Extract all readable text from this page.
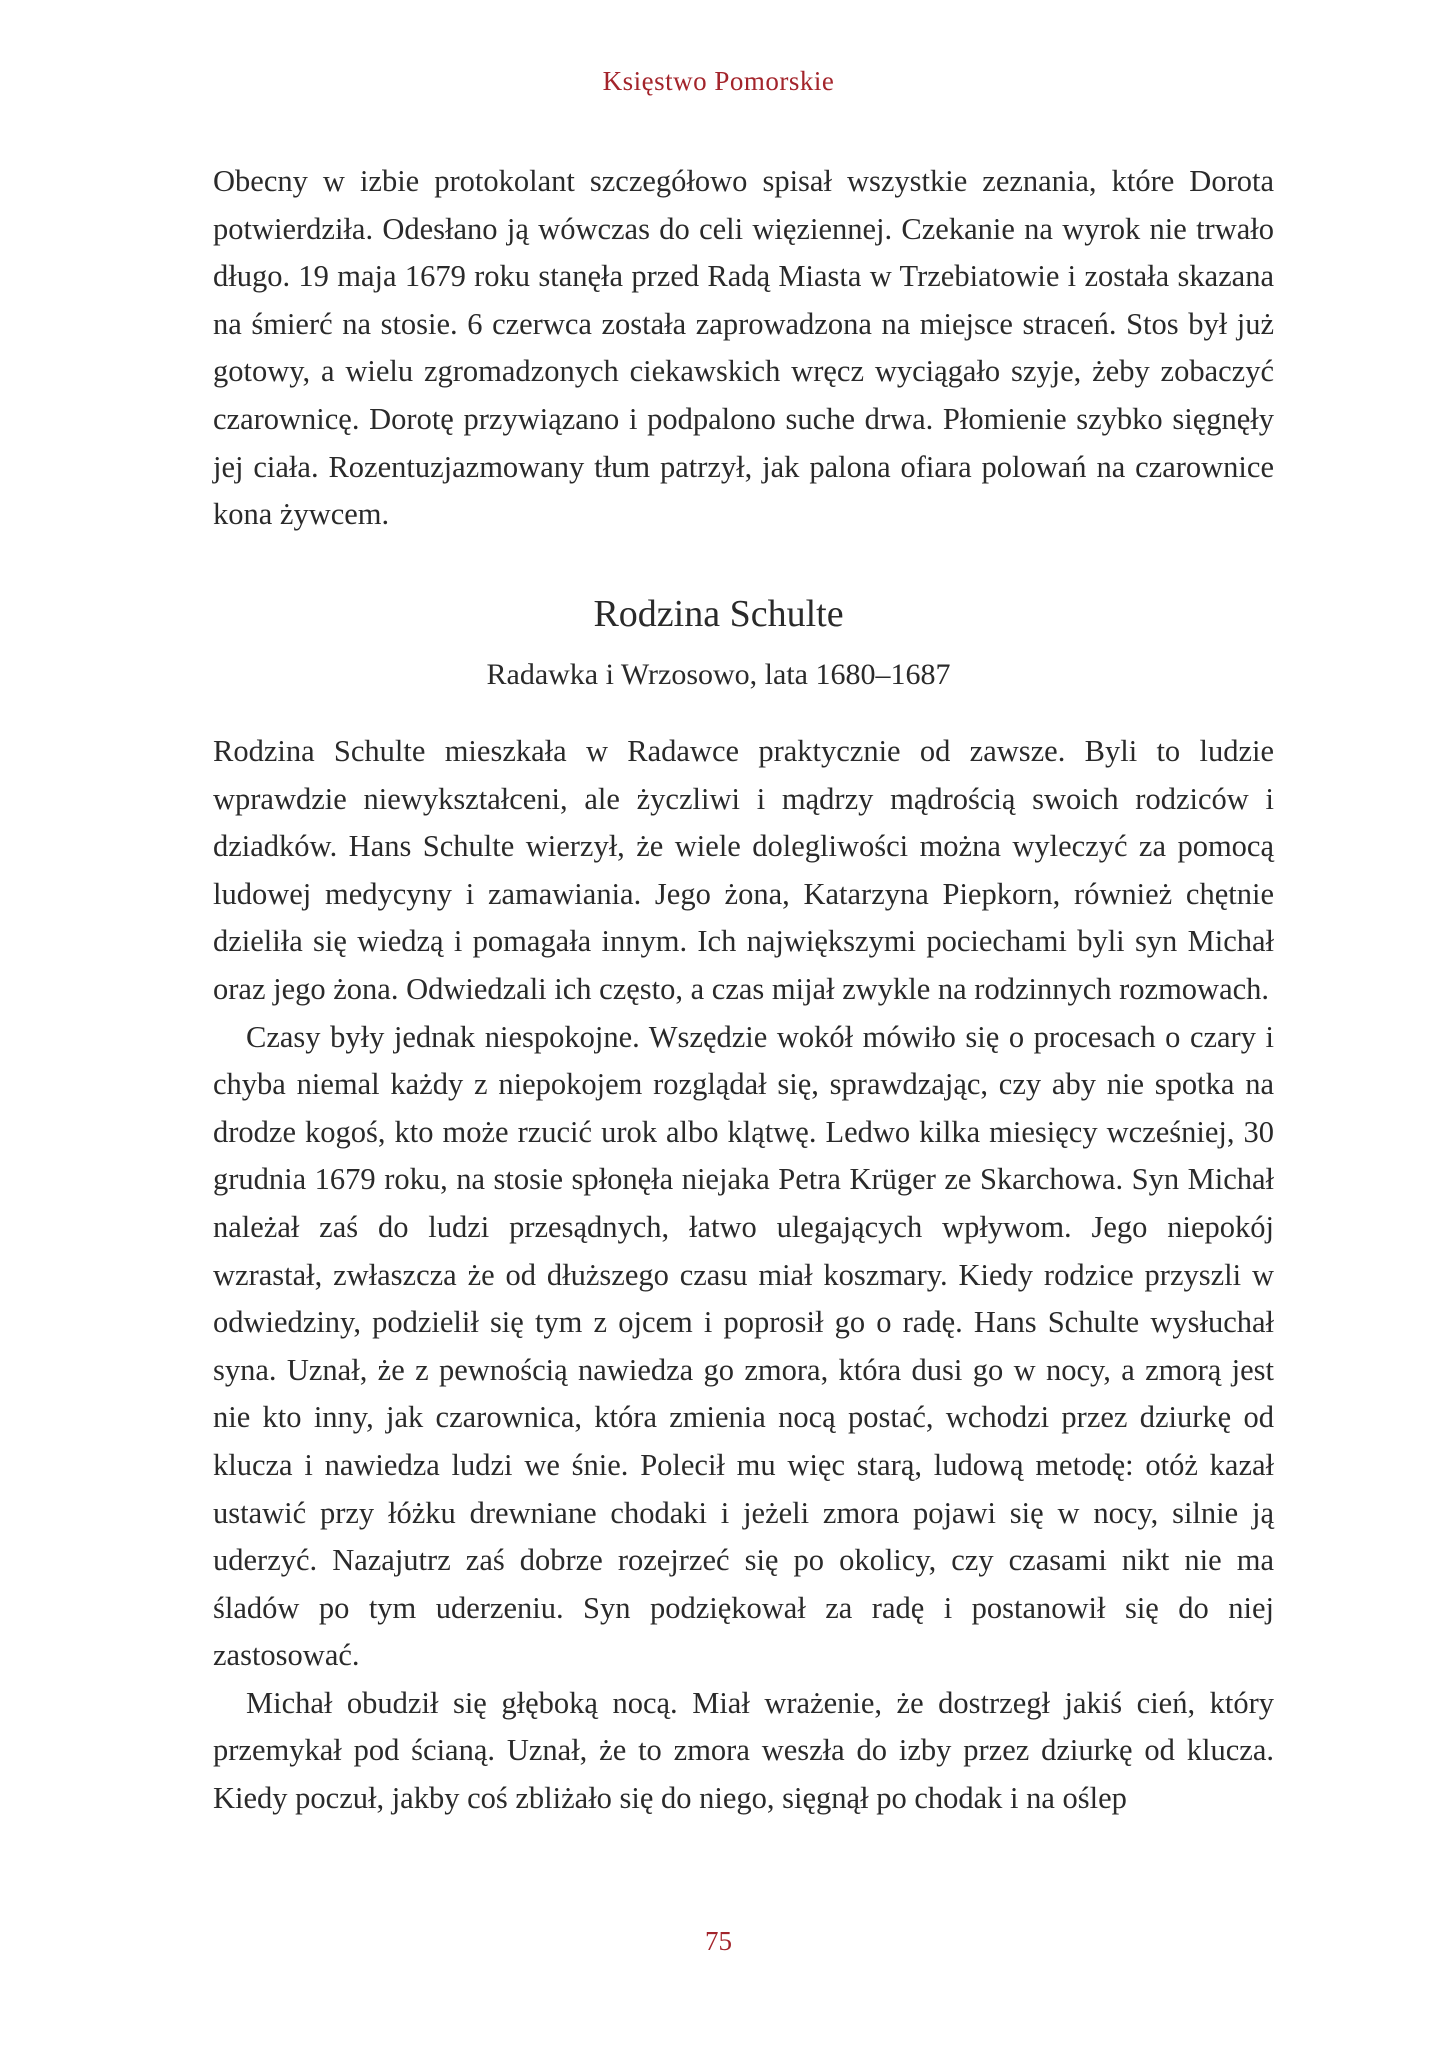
Księstwo Pomorskie

Obecny w izbie protokolant szczegółowo spisał wszystkie zeznania, które Dorota potwierdziła. Odesłano ją wówczas do celi więziennej. Czekanie na wyrok nie trwało długo. 19 maja 1679 roku stanęła przed Radą Miasta w Trzebiatowie i została skazana na śmierć na stosie. 6 czerwca została zaprowadzona na miejsce straceń. Stos był już gotowy, a wielu zgromadzonych ciekawskich wręcz wyciągało szyje, żeby zobaczyć czarownicę. Dorotę przywiązano i podpalono suche drwa. Płomienie szybko sięgnęły jej ciała. Rozentuzjazmowany tłum patrzył, jak palona ofiara polowań na czarownice kona żywcem.

Rodzina Schulte
Radawka i Wrzosowo, lata 1680–1687

Rodzina Schulte mieszkała w Radawce praktycznie od zawsze. Byli to ludzie wprawdzie niewykształceni, ale życzliwi i mądrzy mądrością swoich rodziców i dziadków. Hans Schulte wierzył, że wiele dolegliwości można wyleczyć za pomocą ludowej medycyny i zamawiania. Jego żona, Katarzyna Piepkorn, również chętnie dzieliła się wiedzą i pomagała innym. Ich największymi pociechami byli syn Michał oraz jego żona. Odwiedzali ich często, a czas mijał zwykle na rodzinnych rozmowach.

Czasy były jednak niespokojne. Wszędzie wokół mówiło się o procesach o czary i chyba niemal każdy z niepokojem rozglądał się, sprawdzając, czy aby nie spotka na drodze kogoś, kto może rzucić urok albo klątwę. Ledwo kilka miesięcy wcześniej, 30 grudnia 1679 roku, na stosie spłonęła niejaka Petra Krüger ze Skarchowa. Syn Michał należał zaś do ludzi przesądnych, łatwo ulegających wpływom. Jego niepokój wzrastał, zwłaszcza że od dłuższego czasu miał koszmary. Kiedy rodzice przyszli w odwiedziny, podzielił się tym z ojcem i poprosił go o radę. Hans Schulte wysłuchał syna. Uznał, że z pewnością nawiedza go zmora, która dusi go w nocy, a zmorą jest nie kto inny, jak czarownica, która zmienia nocą postać, wchodzi przez dziurkę od klucza i nawiedza ludzi we śnie. Polecił mu więc starą, ludową metodę: otóż kazał ustawić przy łóżku drewniane chodaki i jeżeli zmora pojawi się w nocy, silnie ją uderzyć. Nazajutrz zaś dobrze rozejrzeć się po okolicy, czy czasami nikt nie ma śladów po tym uderzeniu. Syn podziękował za radę i postanowił się do niej zastosować.

Michał obudził się głęboką nocą. Miał wrażenie, że dostrzegł jakiś cień, który przemykał pod ścianą. Uznał, że to zmora weszła do izby przez dziurkę od klucza. Kiedy poczuł, jakby coś zbliżało się do niego, sięgnął po chodak i na oślep

75
